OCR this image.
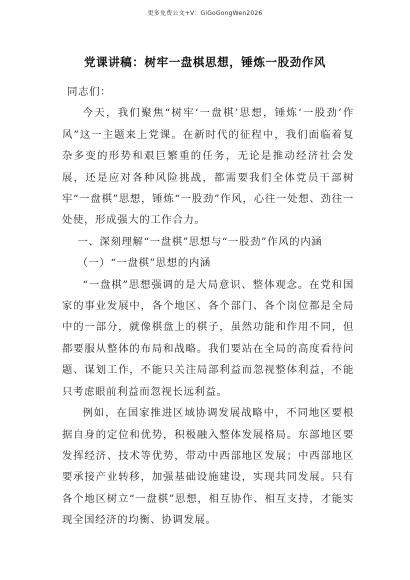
更多免费公文+V：GiGoGongWen2026
党课讲稿：树牢一盘棋思想，锤炼一股劲作风

同志们：

今天，我们聚焦“树牢‘一盘棋’思想，锤炼‘一股劲’作风”这一主题来上党课。在新时代的征程中，我们面临着复杂多变的形势和艰巨繁重的任务，无论是推动经济社会发展，还是应对各种风险挑战，都需要我们全体党员干部树牢“一盘棋”思想，锤炼“一股劲”作风，心往一处想、劲往一处使，形成强大的工作合力。

一、深刻理解“一盘棋”思想与“一股劲”作风的内涵

（一）“一盘棋”思想的内涵

“一盘棋”思想强调的是大局意识、整体观念。在党和国家的事业发展中，各个地区、各个部门、各个岗位都是全局中的一部分，就像棋盘上的棋子，虽然功能和作用不同，但都要服从整体的布局和战略。我们要站在全局的高度看待问题、谋划工作，不能只关注局部利益而忽视整体利益，不能只考虑眼前利益而忽视长远利益。

例如，在国家推进区域协调发展战略中，不同地区要根据自身的定位和优势，积极融入整体发展格局。东部地区要发挥经济、技术等优势，带动中西部地区发展；中西部地区要承接产业转移，加强基础设施建设，实现共同发展。只有各个地区树立“一盘棋”思想，相互协作、相互支持，才能实现全国经济的均衡、协调发展。
